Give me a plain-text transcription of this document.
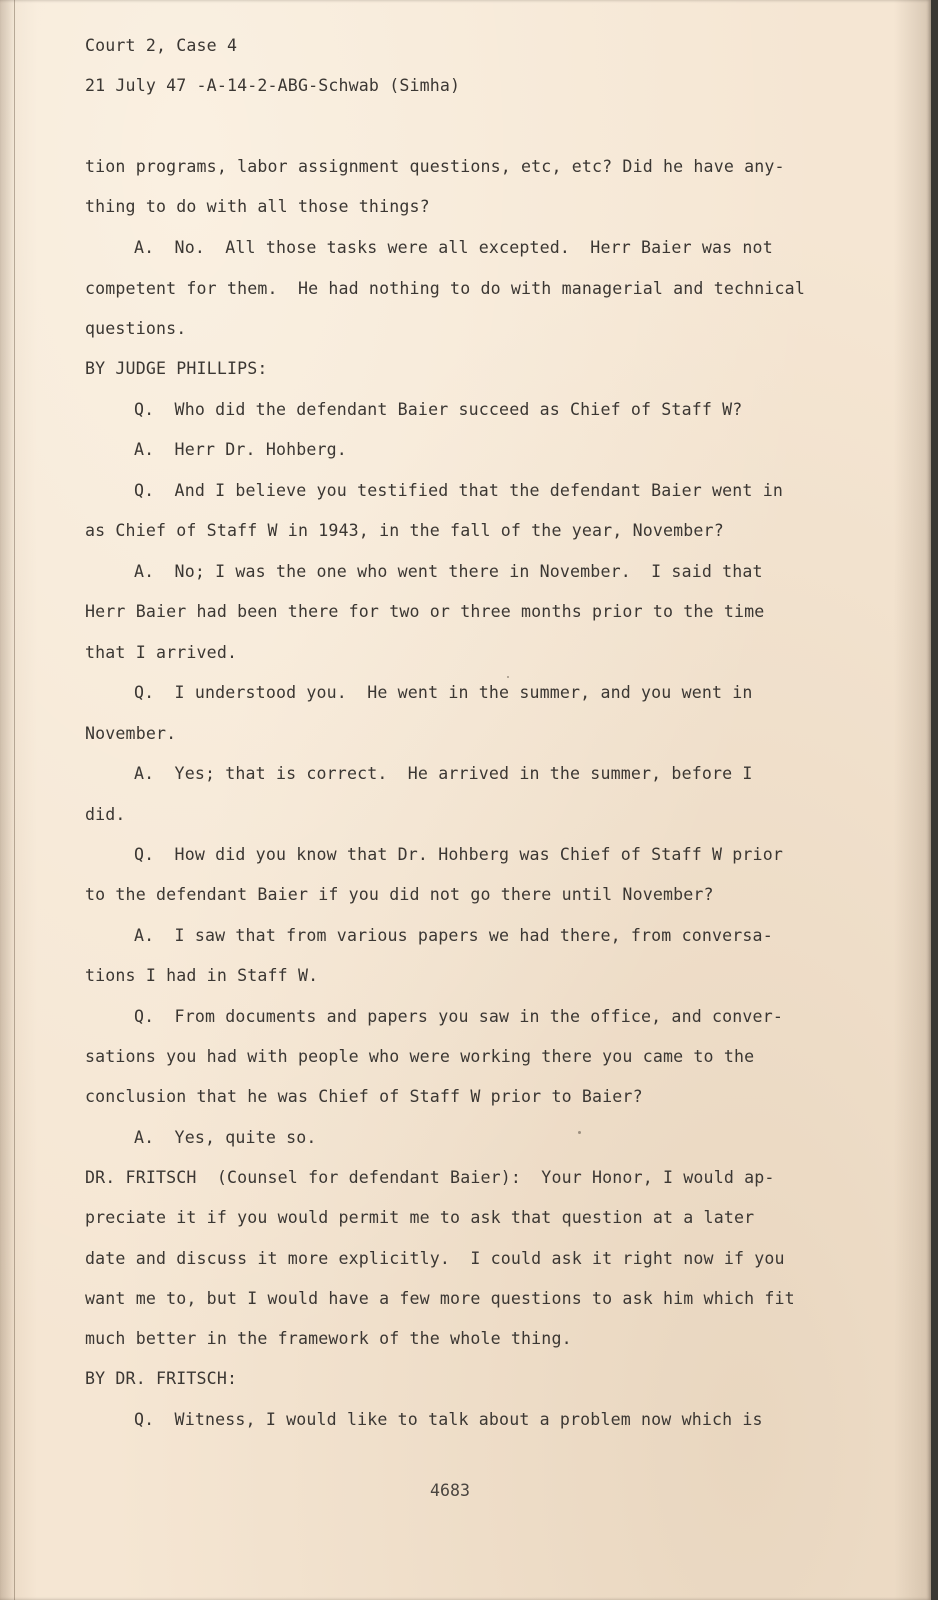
Court 2, Case 4

21 July 47 -A-14-2-ABG-Schwab (Simha)

tion programs, labor assignment questions, etc, etc? Did he have any-

thing to do with all those things?

A.  No.  All those tasks were all excepted.  Herr Baier was not

competent for them.  He had nothing to do with managerial and technical

questions.

BY JUDGE PHILLIPS:

Q.  Who did the defendant Baier succeed as Chief of Staff W?

A.  Herr Dr. Hohberg.

Q.  And I believe you testified that the defendant Baier went in

as Chief of Staff W in 1943, in the fall of the year, November?

A.  No; I was the one who went there in November.  I said that

Herr Baier had been there for two or three months prior to the time

that I arrived.

Q.  I understood you.  He went in the summer, and you went in

November.

A.  Yes; that is correct.  He arrived in the summer, before I

did.

Q.  How did you know that Dr. Hohberg was Chief of Staff W prior

to the defendant Baier if you did not go there until November?

A.  I saw that from various papers we had there, from conversa-

tions I had in Staff W.

Q.  From documents and papers you saw in the office, and conver-

sations you had with people who were working there you came to the

conclusion that he was Chief of Staff W prior to Baier?

A.  Yes, quite so.

DR. FRITSCH  (Counsel for defendant Baier):  Your Honor, I would ap-

preciate it if you would permit me to ask that question at a later

date and discuss it more explicitly.  I could ask it right now if you

want me to, but I would have a few more questions to ask him which fit

much better in the framework of the whole thing.

BY DR. FRITSCH:

Q.  Witness, I would like to talk about a problem now which is

4683
